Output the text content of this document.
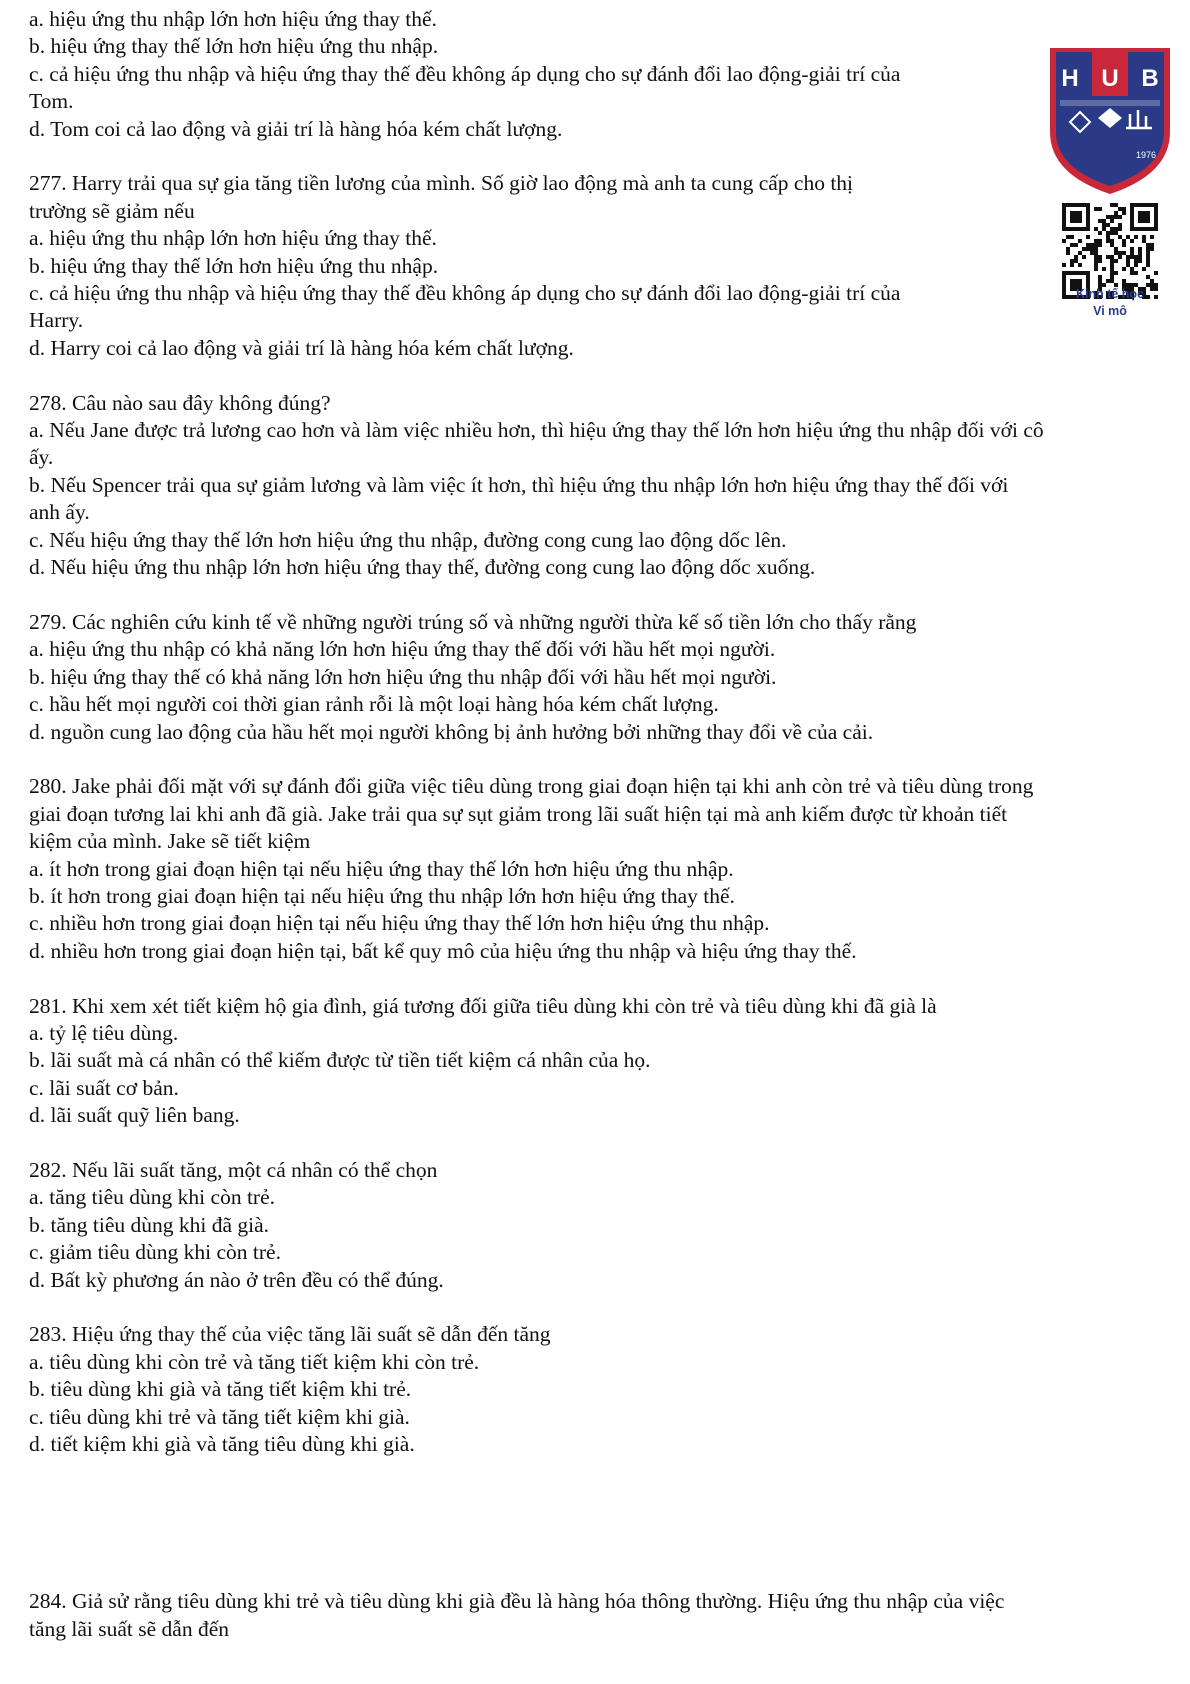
a. hiệu ứng thu nhập lớn hơn hiệu ứng thay thế.
b. hiệu ứng thay thế lớn hơn hiệu ứng thu nhập.
c. cả hiệu ứng thu nhập và hiệu ứng thay thế đều không áp dụng cho sự đánh đổi lao động-giải trí của
Tom.
d. Tom coi cả lao động và giải trí là hàng hóa kém chất lượng.
277. Harry trải qua sự gia tăng tiền lương của mình. Số giờ lao động mà anh ta cung cấp cho thị
trường sẽ giảm nếu
a. hiệu ứng thu nhập lớn hơn hiệu ứng thay thế.
b. hiệu ứng thay thế lớn hơn hiệu ứng thu nhập.
c. cả hiệu ứng thu nhập và hiệu ứng thay thế đều không áp dụng cho sự đánh đổi lao động-giải trí của
Harry.
d. Harry coi cả lao động và giải trí là hàng hóa kém chất lượng.
278. Câu nào sau đây không đúng?
a. Nếu Jane được trả lương cao hơn và làm việc nhiều hơn, thì hiệu ứng thay thế lớn hơn hiệu ứng thu nhập đối với cô
ấy.
b. Nếu Spencer trải qua sự giảm lương và làm việc ít hơn, thì hiệu ứng thu nhập lớn hơn hiệu ứng thay thế đối với
anh ấy.
c. Nếu hiệu ứng thay thế lớn hơn hiệu ứng thu nhập, đường cong cung lao động dốc lên.
d. Nếu hiệu ứng thu nhập lớn hơn hiệu ứng thay thế, đường cong cung lao động dốc xuống.
279. Các nghiên cứu kinh tế về những người trúng số và những người thừa kế số tiền lớn cho thấy rằng
a. hiệu ứng thu nhập có khả năng lớn hơn hiệu ứng thay thế đối với hầu hết mọi người.
b. hiệu ứng thay thế có khả năng lớn hơn hiệu ứng thu nhập đối với hầu hết mọi người.
c. hầu hết mọi người coi thời gian rảnh rỗi là một loại hàng hóa kém chất lượng.
d. nguồn cung lao động của hầu hết mọi người không bị ảnh hưởng bởi những thay đổi về của cải.
280. Jake phải đối mặt với sự đánh đổi giữa việc tiêu dùng trong giai đoạn hiện tại khi anh còn trẻ và tiêu dùng trong
giai đoạn tương lai khi anh đã già. Jake trải qua sự sụt giảm trong lãi suất hiện tại mà anh kiếm được từ khoản tiết
kiệm của mình. Jake sẽ tiết kiệm
a. ít hơn trong giai đoạn hiện tại nếu hiệu ứng thay thế lớn hơn hiệu ứng thu nhập.
b. ít hơn trong giai đoạn hiện tại nếu hiệu ứng thu nhập lớn hơn hiệu ứng thay thế.
c. nhiều hơn trong giai đoạn hiện tại nếu hiệu ứng thay thế lớn hơn hiệu ứng thu nhập.
d. nhiều hơn trong giai đoạn hiện tại, bất kể quy mô của hiệu ứng thu nhập và hiệu ứng thay thế.
281. Khi xem xét tiết kiệm hộ gia đình, giá tương đối giữa tiêu dùng khi còn trẻ và tiêu dùng khi đã già là
a. tỷ lệ tiêu dùng.
b. lãi suất mà cá nhân có thể kiếm được từ tiền tiết kiệm cá nhân của họ.
c. lãi suất cơ bản.
d. lãi suất quỹ liên bang.
282. Nếu lãi suất tăng, một cá nhân có thể chọn
a. tăng tiêu dùng khi còn trẻ.
b. tăng tiêu dùng khi đã già.
c. giảm tiêu dùng khi còn trẻ.
d. Bất kỳ phương án nào ở trên đều có thể đúng.
283. Hiệu ứng thay thế của việc tăng lãi suất sẽ dẫn đến tăng
a. tiêu dùng khi còn trẻ và tăng tiết kiệm khi còn trẻ.
b. tiêu dùng khi già và tăng tiết kiệm khi trẻ.
c. tiêu dùng khi trẻ và tăng tiết kiệm khi già.
d. tiết kiệm khi già và tăng tiêu dùng khi già.
284. Giả sử rằng tiêu dùng khi trẻ và tiêu dùng khi già đều là hàng hóa thông thường. Hiệu ứng thu nhập của việc
tăng lãi suất sẽ dẫn đến
H U B
1976
Kinh tế học
Vi mô
